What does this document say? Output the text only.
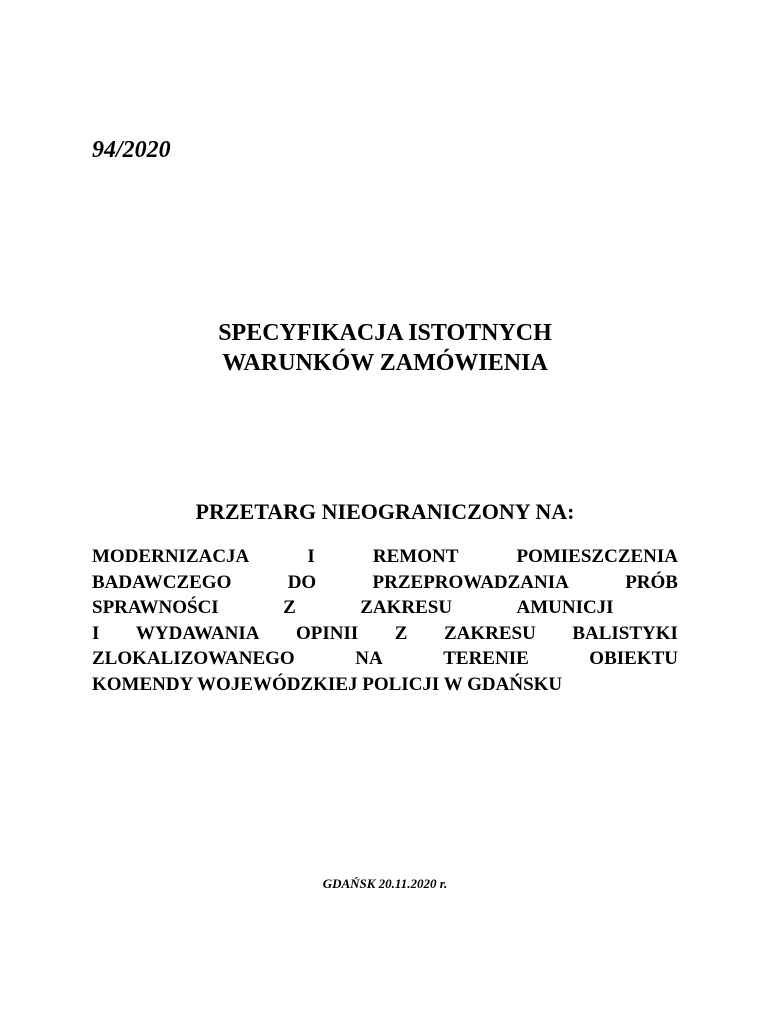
94/2020
SPECYFIKACJA ISTOTNYCH
WARUNKÓW ZAMÓWIENIA
PRZETARG NIEOGRANICZONY NA:
MODERNIZACJA	I	REMONT	POMIESZCZENIA
BADAWCZEGO	DO	PRZEPROWADZANIA	PRÓB
SPRAWNOŚCI	Z	ZAKRESU	AMUNICJI
I WYDAWANIA OPINII Z ZAKRESU BALISTYKI
ZLOKALIZOWANEGO	NA	TERENIE	OBIEKTU
KOMENDY WOJEWÓDZKIEJ POLICJI W GDAŃSKU
GDAŃSK 20.11.2020 r.
